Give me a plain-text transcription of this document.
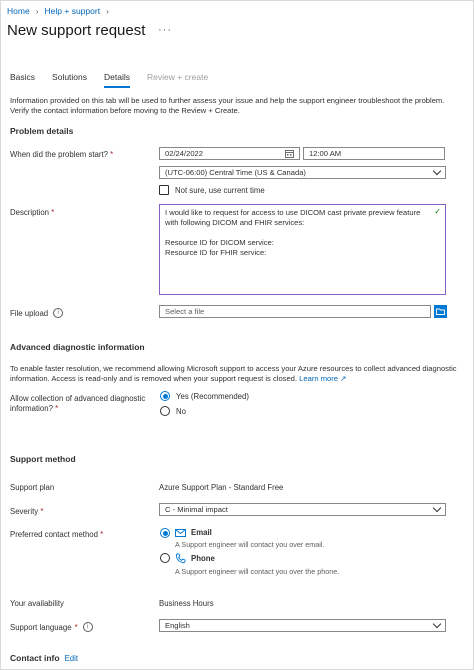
Home › Help + support ›
New support request ···
Basics Solutions Details Review + create
Information provided on this tab will be used to further assess your issue and help the support engineer troubleshoot the problem. Verify the contact information before moving to the Review + Create.
Problem details
When did the problem start? *	02/24/2022	12:00 AM
(UTC-06:00) Central Time (US & Canada)
Not sure, use current time
Description *	I would like to request for access to use DICOM cast private preview feature with following DICOM and FHIR services:
Resource ID for DICOM service:
Resource ID for FHIR service:
✓
File upload	i	Select a file
Advanced diagnostic information
To enable faster resolution, we recommend allowing Microsoft support to access your Azure resources to collect advanced diagnostic information. Access is read-only and is removed when your support request is closed. Learn more ↗
Allow collection of advanced diagnostic
information? *
Yes (Recommended)
No
Support method
Support plan	Azure Support Plan - Standard Free
Severity *	C - Minimal impact
Preferred contact method *	Email
A Support engineer will contact you over email.
Phone
A Support engineer will contact you over the phone.
Your availability	Business Hours
Support language *	i	English
Contact info Edit
